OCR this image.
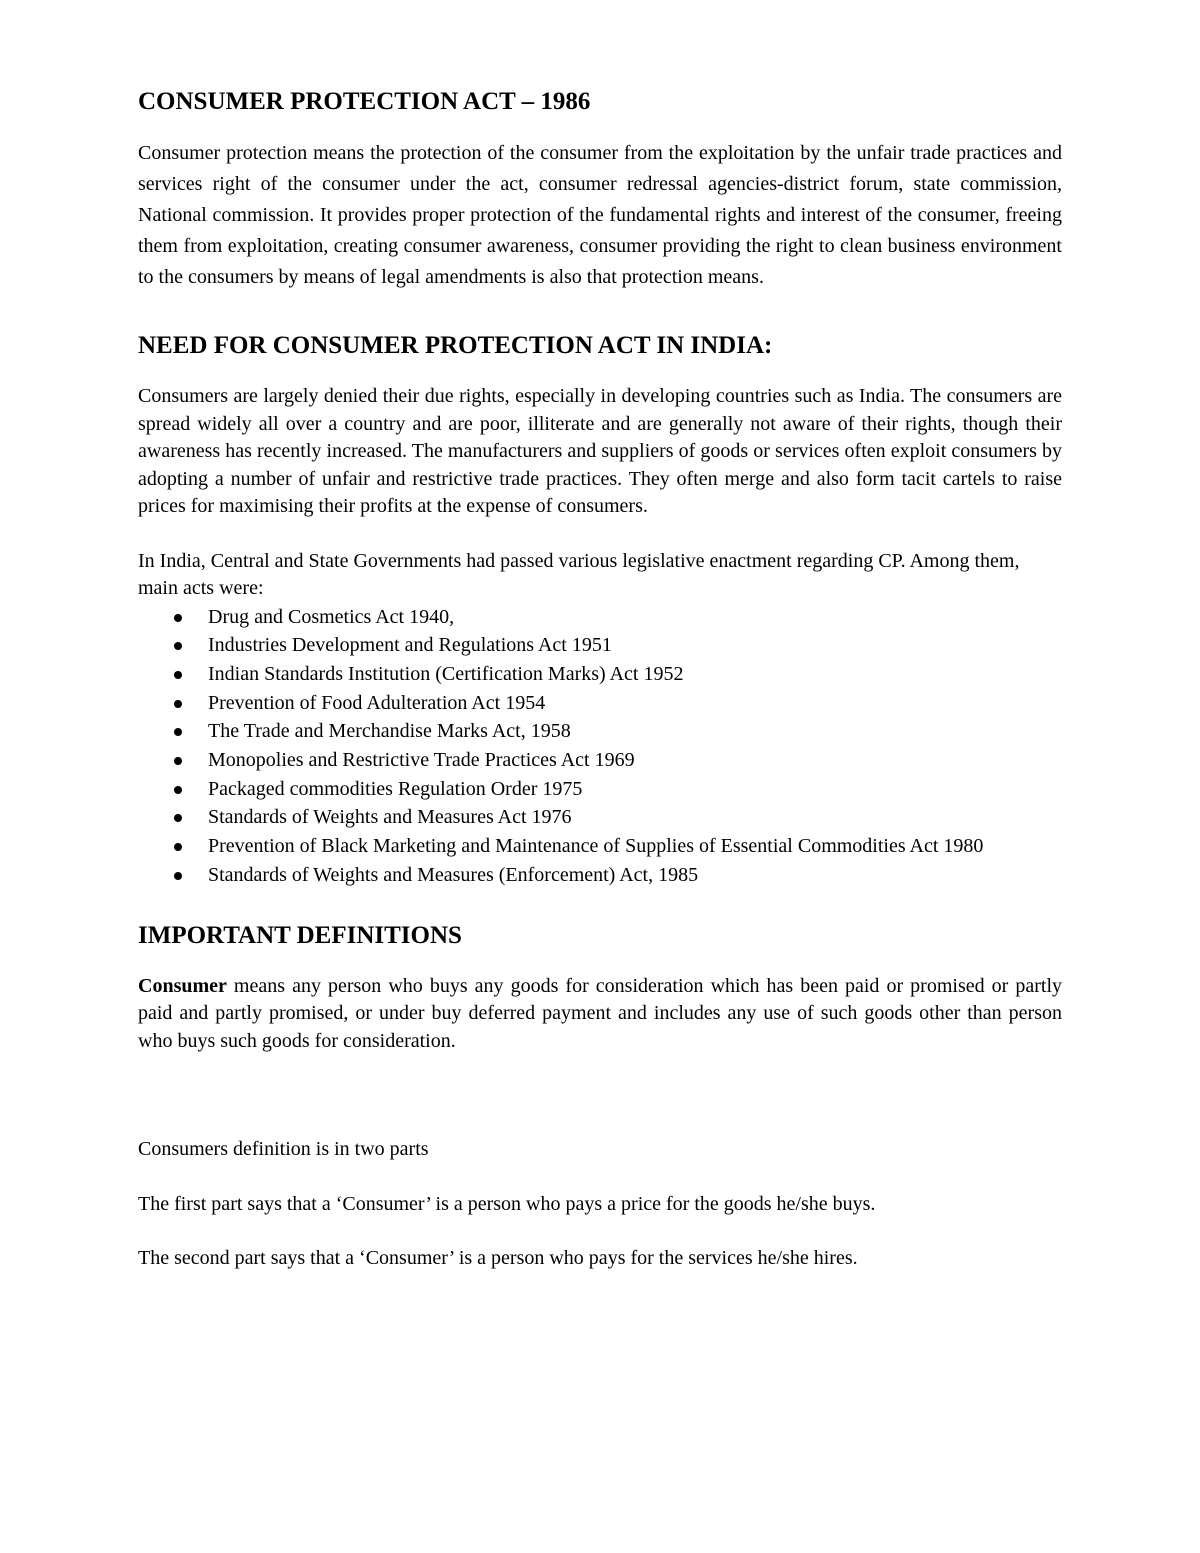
CONSUMER PROTECTION ACT – 1986

Consumer protection means the protection of the consumer from the exploitation by the unfair trade practices and services right of the consumer under the act, consumer redressal agencies-district forum, state commission, National commission. It provides proper protection of the fundamental rights and interest of the consumer, freeing them from exploitation, creating consumer awareness, consumer providing the right to clean business environment to the consumers by means of legal amendments is also that protection means.

NEED FOR CONSUMER PROTECTION ACT IN INDIA:

Consumers are largely denied their due rights, especially in developing countries such as India. The consumers are spread widely all over a country and are poor, illiterate and are generally not aware of their rights, though their awareness has recently increased. The manufacturers and suppliers of goods or services often exploit consumers by adopting a number of unfair and restrictive trade practices. They often merge and also form tacit cartels to raise prices for maximising their profits at the expense of consumers.

In India, Central and State Governments had passed various legislative enactment regarding CP. Among them, main acts were:

Drug and Cosmetics Act 1940,
Industries Development and Regulations Act 1951
Indian Standards Institution (Certification Marks) Act 1952
Prevention of Food Adulteration Act 1954
The Trade and Merchandise Marks Act, 1958
Monopolies and Restrictive Trade Practices Act 1969
Packaged commodities Regulation Order 1975
Standards of Weights and Measures Act 1976
Prevention of Black Marketing and Maintenance of Supplies of Essential Commodities Act 1980
Standards of Weights and Measures (Enforcement) Act, 1985
IMPORTANT DEFINITIONS

Consumer means any person who buys any goods for consideration which has been paid or promised or partly paid and partly promised, or under buy deferred payment and includes any use of such goods other than person who buys such goods for consideration.

Consumers definition is in two parts

The first part says that a ‘Consumer’ is a person who pays a price for the goods he/she buys.

The second part says that a ‘Consumer’ is a person who pays for the services he/she hires.
